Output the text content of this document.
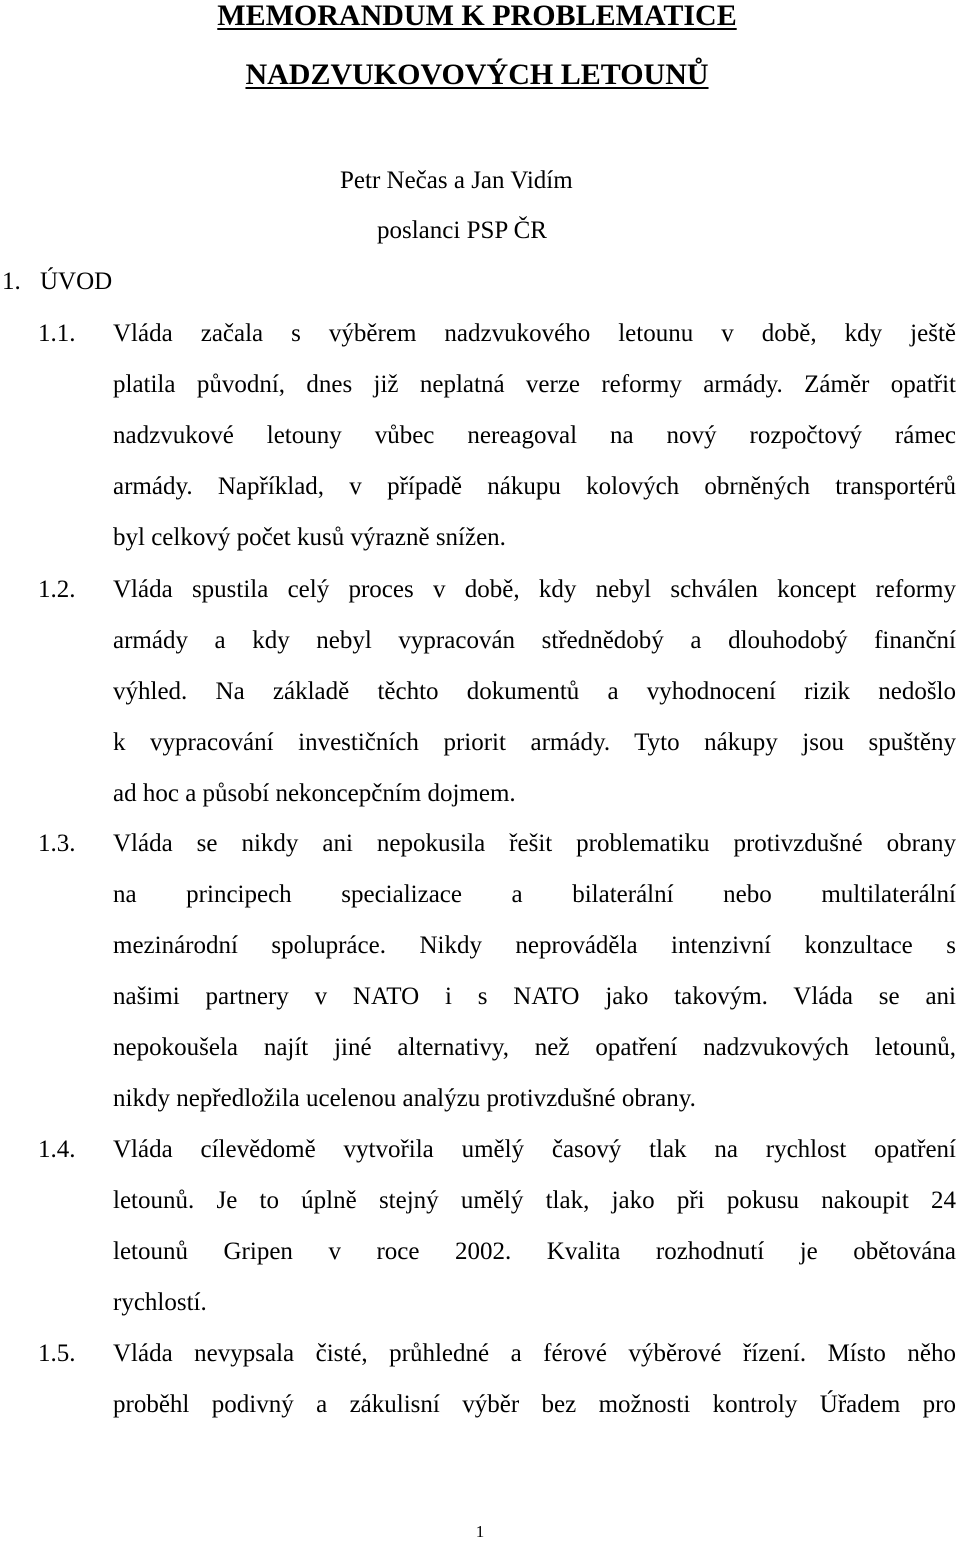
MEMORANDUM K PROBLEMATICE
NADZVUKOVOVÝCH LETOUNŮ
Petr Nečas a Jan Vidím
poslanci PSP ČR
1. ÚVOD
1.1. Vláda začala s výběrem nadzvukového letounu v době, kdy ještě
platila původní, dnes již neplatná verze reformy armády. Záměr opatřit
nadzvukové letouny vůbec nereagoval na nový rozpočtový rámec
armády. Například, v případě nákupu kolových obrněných transportérů
byl celkový počet kusů výrazně snížen.
1.2. Vláda spustila celý proces v době, kdy nebyl schválen koncept reformy
armády a kdy nebyl vypracován střednědobý a dlouhodobý finanční
výhled. Na základě těchto dokumentů a vyhodnocení rizik nedošlo
k vypracování investičních priorit armády. Tyto nákupy jsou spuštěny
ad hoc a působí nekoncepčním dojmem.
1.3. Vláda se nikdy ani nepokusila řešit problematiku protivzdušné obrany
na principech specializace a bilaterální nebo multilaterální
mezinárodní spolupráce. Nikdy neprováděla intenzivní konzultace s
našimi partnery v NATO i s NATO jako takovým. Vláda se ani
nepokoušela najít jiné alternativy, než opatření nadzvukových letounů,
nikdy nepředložila ucelenou analýzu protivzdušné obrany.
1.4. Vláda cílevědomě vytvořila umělý časový tlak na rychlost opatření
letounů. Je to úplně stejný umělý tlak, jako při pokusu nakoupit 24
letounů Gripen v roce 2002. Kvalita rozhodnutí je obětována
rychlostí.
1.5. Vláda nevypsala čisté, průhledné a férové výběrové řízení. Místo něho
proběhl podivný a zákulisní výběr bez možnosti kontroly Úřadem pro
1
